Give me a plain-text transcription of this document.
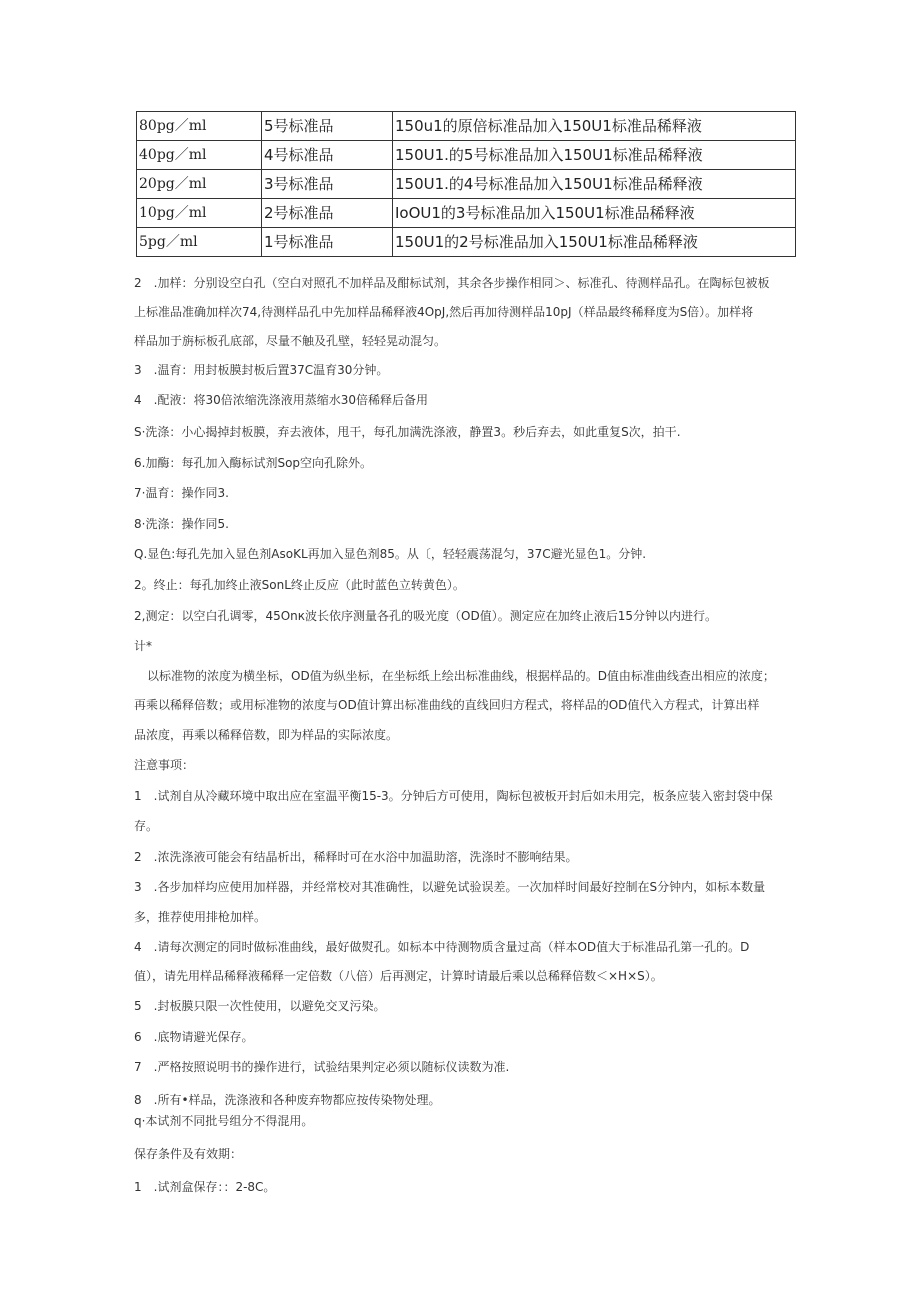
80pg／ml	5号标准品	150u1的原倍标准品加入150U1标准品稀释液
40pg／ml	4号标准品	150U1.的5号标准品加入150U1标准品稀释液
20pg／ml	3号标准品	150U1.的4号标准品加入150U1标准品稀释液
10pg／ml	2号标准品	IoOU1的3号标准品加入150U1标准品稀释液
5pg／ml	1号标准品	150U1的2号标准品加入150U1标准品稀释液
2　.加样：分别设空白孔（空白对照孔不加样品及酣标试剂，其余各步操作相同＞、标准孔、待测样品孔。在陶标包被板
上标准品准确加样次74,待测样品孔中先加样品稀释液4OpJ,然后再加待测样品10pJ（样品最终稀释度为S倍）。加样将
样品加于旃标板孔底部，尽量不触及孔壁，轻轻晃动混匀。
3　.温育：用封板膜封板后置37C温育30分钟。
4　.配液：将30倍浓缩洗涤液用蒸缩水30倍稀释后备用
S·洗涤：小心揭掉封板膜，弃去液体，甩干，每孔加满洗涤液，静置3。秒后弃去，如此重复S次，拍干.
6.加酶：每孔加入酶标试剂Sop空向孔除外。
7·温育：操作同3.
8·洗涤：操作同5.
Q.显色:每孔先加入显色剂AsoKL再加入显色剂85。从〔，轻轻震荡混匀，37C避光显色1。分钟.
2。终止：每孔加终止液SonL终止反应（此时蓝色立转黄色）。
2,测定：以空白孔调零，45Onк波长依序测量各孔的吸光度（OD值）。测定应在加终止液后15分钟以内进行。
计*
以标准物的浓度为横坐标，OD值为纵坐标，在坐标纸上绘出标准曲线，根据样品的。D值由标准曲线查出相应的浓度；
再乘以稀释倍数；或用标准物的浓度与OD值计算出标准曲线的直线回归方程式，将样品的OD值代入方程式，计算出样
品浓度，再乘以稀释倍数，即为样品的实际浓度。
注意事项：
1　.试剂自从冷藏环境中取出应在室温平衡15-3。分钟后方可使用，陶标包被板开封后如未用完，板条应装入密封袋中保
存。
2　.浓洗涤液可能会有结晶析出，稀释时可在水浴中加温助溶，洗涤时不膨响结果。
3　.各步加样均应使用加样器，并经常校对其准确性，以避免试验误差。一次加样时间最好控制在S分钟内，如标本数量
多，推荐使用排枪加样。
4　.请每次测定的同时做标准曲线，最好做熨孔。如标本中待测物质含量过高（样本OD值大于标准品孔第一孔的。D
值），请先用样品稀释液稀释一定倍数（八倍）后再测定，计算时请最后乘以总稀释倍数＜×H×S）。
5　.封板膜只限一次性使用，以避免交叉污染。
6　.底物请避光保存。
7　.严格按照说明书的操作进行，试验结果判定必须以随标仪读数为准.
8　.所有•样品，洗涤液和各种废弃物都应按传染物处理。
q·本试剂不同批号组分不得混用。
保存条件及有效期：
1　.试剂盒保存：：2-8C。
